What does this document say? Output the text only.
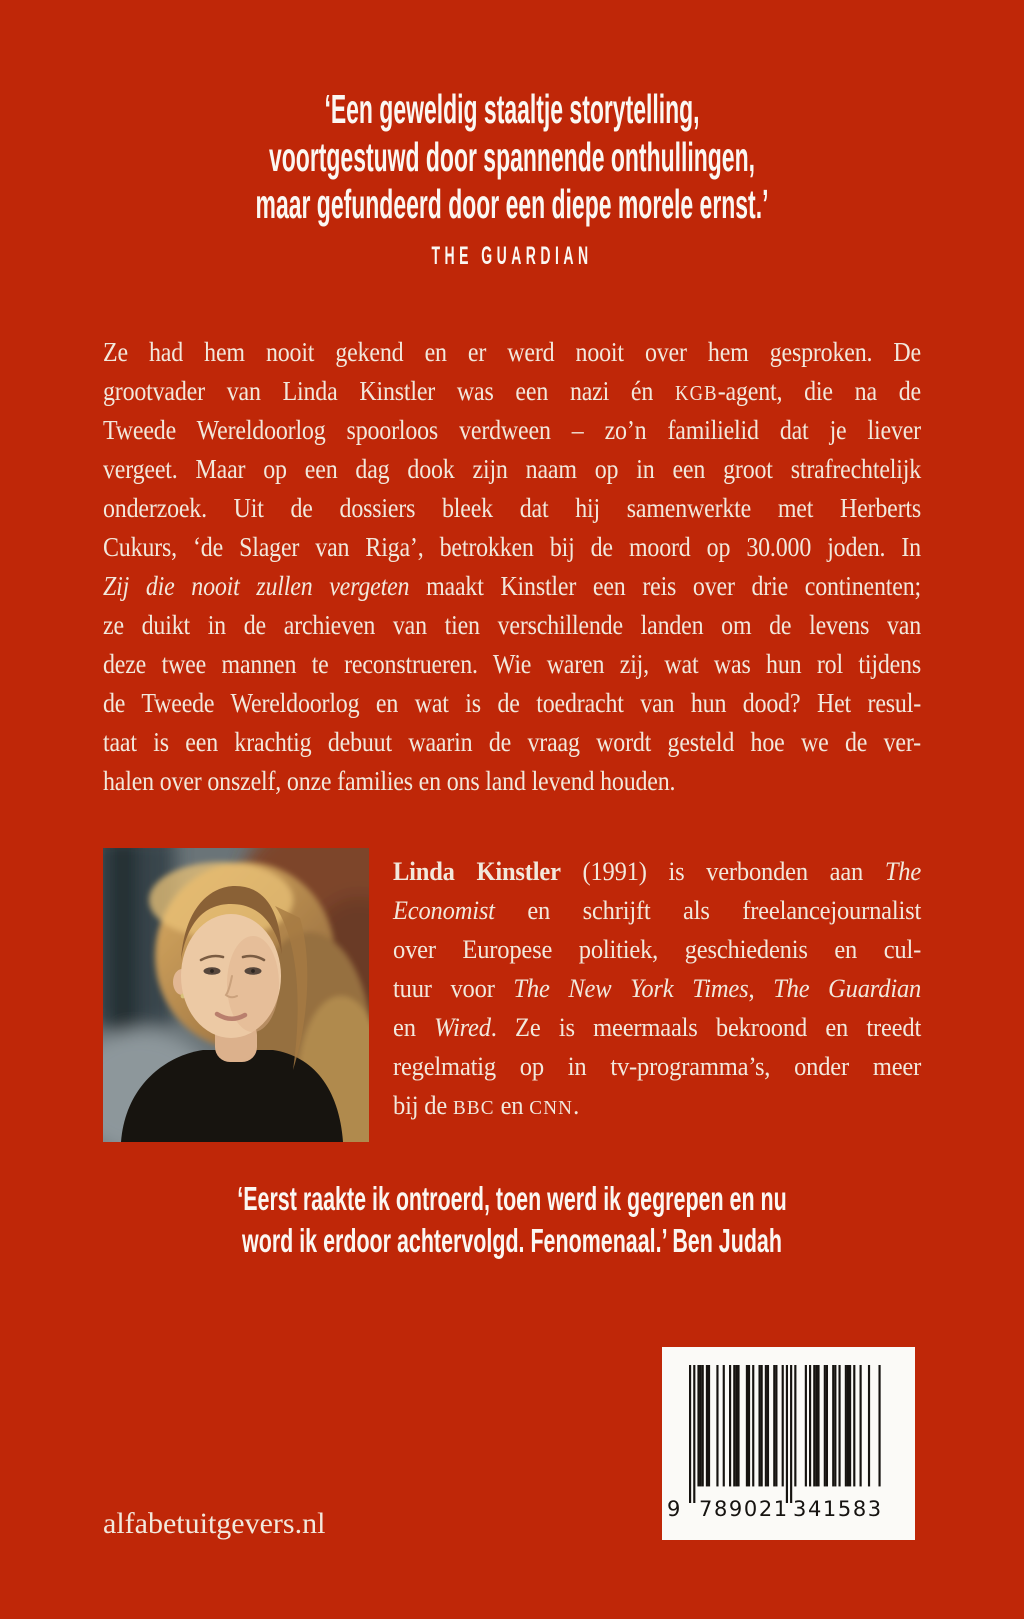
‘Een geweldig staaltje storytelling,
voortgestuwd door spannende onthullingen,
maar gefundeerd door een diepe morele ernst.’
THE GUARDIAN
Ze had hem nooit gekend en er werd nooit over hem gesproken. De
grootvader van Linda Kinstler was een nazi én KGB-agent, die na de
Tweede Wereldoorlog spoorloos verdween – zo’n familielid dat je liever
vergeet. Maar op een dag dook zijn naam op in een groot strafrechtelijk
onderzoek. Uit de dossiers bleek dat hij samenwerkte met Herberts
Cukurs, ‘de Slager van Riga’, betrokken bij de moord op 30.000 joden. In
Zij die nooit zullen vergeten maakt Kinstler een reis over drie continenten;
ze duikt in de archieven van tien verschillende landen om de levens van
deze twee mannen te reconstrueren. Wie waren zij, wat was hun rol tijdens
de Tweede Wereldoorlog en wat is de toedracht van hun dood? Het resul-
taat is een krachtig debuut waarin de vraag wordt gesteld hoe we de ver-
halen over onszelf, onze families en ons land levend houden.
Linda Kinstler (1991) is verbonden aan The
Economist en schrijft als freelancejournalist
over Europese politiek, geschiedenis en cul-
tuur voor The New York Times, The Guardian
en Wired. Ze is meermaals bekroond en treedt
regelmatig op in tv-programma’s, onder meer
bij de BBC en CNN.
‘Eerst raakte ik ontroerd, toen werd ik gegrepen en nu
word ik erdoor achtervolgd. Fenomenaal.’ Ben Judah
9 789021 341583
alfabetuitgevers.nl
